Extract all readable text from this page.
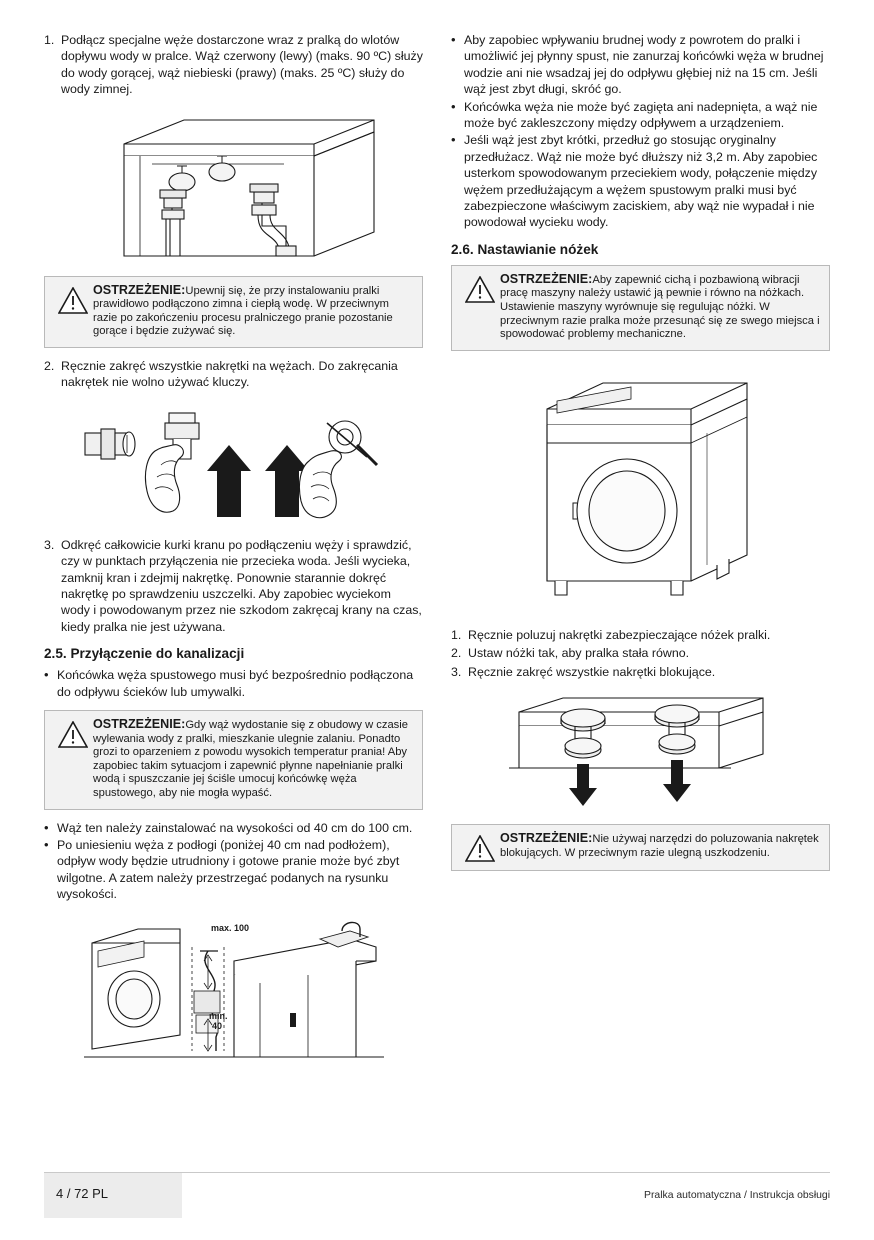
1. Podłącz specjalne węże dostarczone wraz z pralką do wlotów dopływu wody w pralce. Wąż czerwony (lewy) (maks. 90 ºC) służy do wody gorącej, wąż niebieski (prawy) (maks. 25 ºC) służy do wody zimnej.
OSTRZEŻENIE:Upewnij się, że przy instalowaniu pralki prawidłowo podłączono zimna i ciepłą wodę. W przeciwnym razie po zakończeniu procesu pralniczego pranie pozostanie gorące i będzie zużywać się.
2. Ręcznie zakręć wszystkie nakrętki na wężach. Do zakręcania nakrętek nie wolno używać kluczy.
3. Odkręć całkowicie kurki kranu po podłączeniu węży i sprawdzić, czy w punktach przyłączenia nie przecieka woda. Jeśli wycieka, zamknij kran i zdejmij nakrętkę. Ponownie starannie dokręć nakrętkę po sprawdzeniu uszczelki. Aby zapobiec wyciekom wody i powodowanym przez nie szkodom zakręcaj krany na czas, kiedy pralka nie jest używana.
2.5. Przyłączenie do kanalizacji
• Końcówka węża spustowego musi być bezpośrednio podłączona do odpływu ścieków lub umywalki.
OSTRZEŻENIE:Gdy wąż wydostanie się z obudowy w czasie wylewania wody z pralki, mieszkanie ulegnie zalaniu. Ponadto grozi to oparzeniem z powodu wysokich temperatur prania! Aby zapobiec takim sytuacjom i zapewnić płynne napełnianie pralki wodą i spuszczanie jej ściśle umocuj końcówkę węża spustowego, aby nie mogła wypaść.
• Wąż ten należy zainstalować na wysokości od 40 cm do 100 cm.
• Po uniesieniu węża z podłogi (poniżej 40 cm nad podłożem), odpływ wody będzie utrudniony i gotowe pranie może być zbyt wilgotne. A zatem należy przestrzegać podanych na rysunku wysokości.
max. 100
min.
40
• Aby zapobiec wpływaniu brudnej wody z powrotem do pralki i umożliwić jej płynny spust, nie zanurzaj końcówki węża w brudnej wodzie ani nie wsadzaj jej do odpływu głębiej niż na 15 cm. Jeśli wąż jest zbyt długi, skróć go.
• Końcówka węża nie może być zagięta ani nadepnięta, a wąż nie może być zakleszczony między odpływem a urządzeniem.
• Jeśli wąż jest zbyt krótki, przedłuż go stosując oryginalny przedłużacz. Wąż nie może być dłuższy niż 3,2 m. Aby zapobiec usterkom spowodowanym przeciekiem wody, połączenie między wężem przedłużającym a wężem spustowym pralki musi być zabezpieczone właściwym zaciskiem, aby wąż nie wypadał i nie powodował wycieku wody.
2.6. Nastawianie nóżek
OSTRZEŻENIE:Aby zapewnić cichą i pozbawioną wibracji pracę maszyny należy ustawić ją pewnie i równo na nóżkach. Ustawienie maszyny wyrównuje się regulując nóżki. W przeciwnym razie pralka może przesunąć się ze swego miejsca i spowodować problemy mechaniczne.
1. Ręcznie poluzuj nakrętki zabezpieczające nóżek pralki.
2. Ustaw nóżki tak, aby pralka stała równo.
3. Ręcznie zakręć wszystkie nakrętki blokujące.
OSTRZEŻENIE:Nie używaj narzędzi do poluzowania nakrętek blokujących. W przeciwnym razie ulegną uszkodzeniu.
4 / 72 PL	Pralka automatyczna / Instrukcja obsługi
